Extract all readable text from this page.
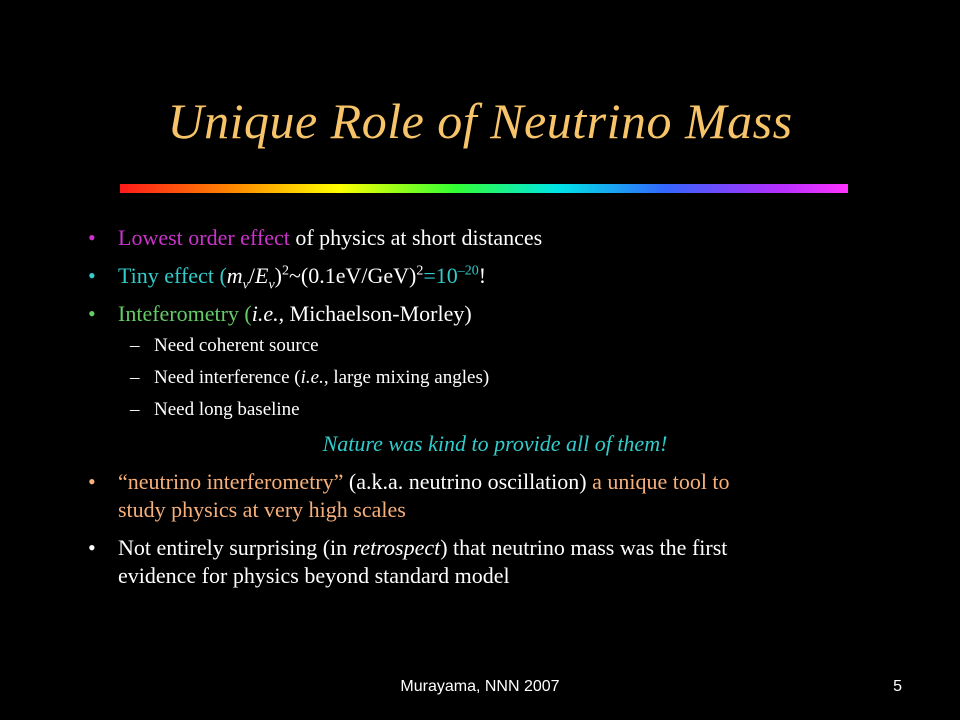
Unique Role of Neutrino Mass
• Lowest order effect of physics at short distances
• Tiny effect $(m_\nu/E_\nu)^2\sim(0.1eV/GeV)^2=10^{-20}$!
• Inteferometry (i.e., Michaelson-Morley)
– Need coherent source
– Need interference (i.e., large mixing angles)
– Need long baseline
Nature was kind to provide all of them!
• “neutrino interferometry” (a.k.a. neutrino oscillation) a unique tool to
study physics at very high scales
• Not entirely surprising (in retrospect) that neutrino mass was the first
evidence for physics beyond standard model
Murayama, NNN 2007	5
